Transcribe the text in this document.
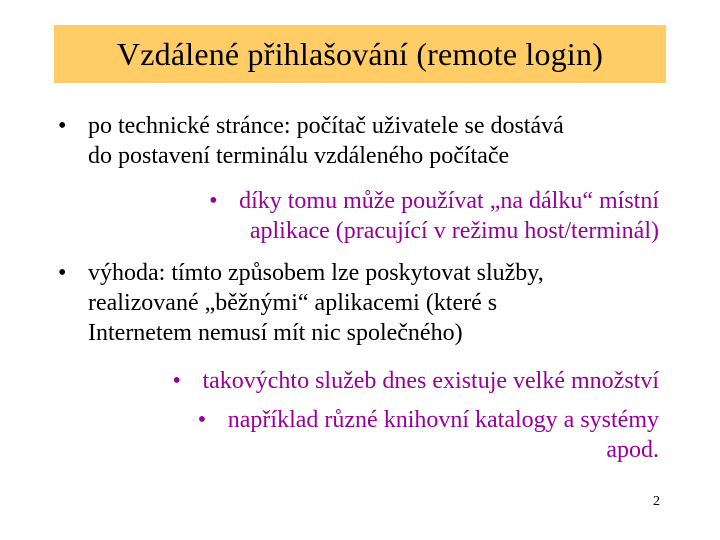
Vzdálené přihlašování (remote login)
• po technické stránce: počítač uživatele se dostává
do postavení terminálu vzdáleného počítače
• díky tomu může používat „na dálku“ místní
aplikace (pracující v režimu host/terminál)
• výhoda: tímto způsobem lze poskytovat služby,
realizované „běžnými“ aplikacemi (které s
Internetem nemusí mít nic společného)
• takovýchto služeb dnes existuje velké množství
• například různé knihovní katalogy a systémy
apod.
2
